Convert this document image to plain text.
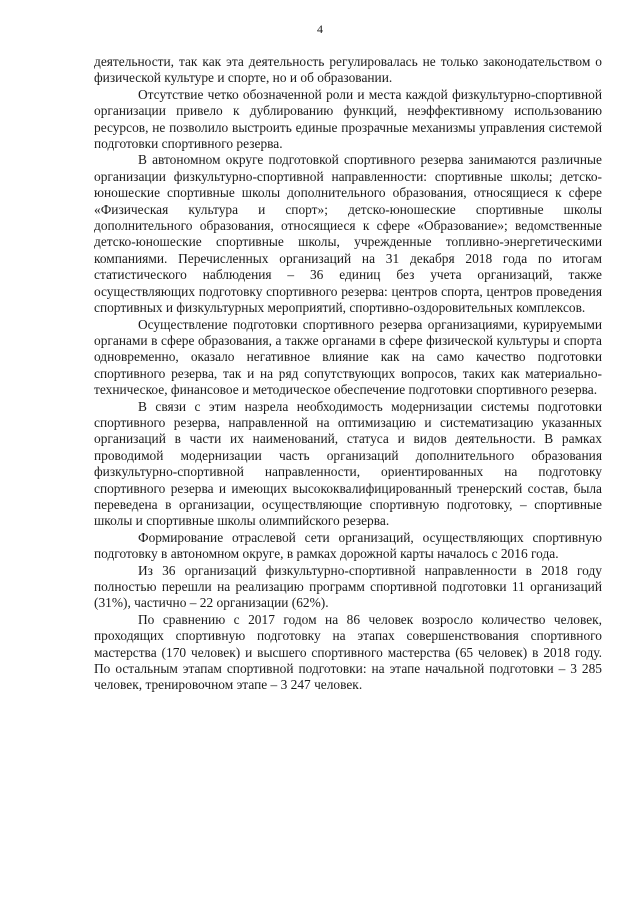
4

деятельности, так как эта деятельность регулировалась не только законодательством о физической культуре и спорте, но и об образовании.

Отсутствие четко обозначенной роли и места каждой физкультурно-спортивной организации привело к дублированию функций, неэффективному использованию ресурсов, не позволило выстроить единые прозрачные механизмы управления системой подготовки спортивного резерва.

В автономном округе подготовкой спортивного резерва занимаются различные организации физкультурно-спортивной направленности: спортивные школы; детско-юношеские спортивные школы дополнительного образования, относящиеся к сфере «Физическая культура и спорт»; детско-юношеские спортивные школы дополнительного образования, относящиеся к сфере «Образование»; ведомственные детско-юношеские спортивные школы, учрежденные топливно-энергетическими компаниями. Перечисленных организаций на 31 декабря 2018 года по итогам статистического наблюдения – 36 единиц без учета организаций, также осуществляющих подготовку спортивного резерва: центров спорта, центров проведения спортивных и физкультурных мероприятий, спортивно-оздоровительных комплексов.

Осуществление подготовки спортивного резерва организациями, курируемыми органами в сфере образования, а также органами в сфере физической культуры и спорта одновременно, оказало негативное влияние как на само качество подготовки спортивного резерва, так и на ряд сопутствующих вопросов, таких как материально-техническое, финансовое и методическое обеспечение подготовки спортивного резерва.

В связи с этим назрела необходимость модернизации системы подготовки спортивного резерва, направленной на оптимизацию и систематизацию указанных организаций в части их наименований, статуса и видов деятельности. В рамках проводимой модернизации часть организаций дополнительного образования физкультурно-спортивной направленности, ориентированных на подготовку спортивного резерва и имеющих высококвалифицированный тренерский состав, была переведена в организации, осуществляющие спортивную подготовку, – спортивные школы и спортивные школы олимпийского резерва.

Формирование отраслевой сети организаций, осуществляющих спортивную подготовку в автономном округе, в рамках дорожной карты началось с 2016 года.

Из 36 организаций физкультурно-спортивной направленности в 2018 году полностью перешли на реализацию программ спортивной подготовки 11 организаций (31%), частично – 22 организации (62%).

По сравнению с 2017 годом на 86 человек возросло количество человек, проходящих спортивную подготовку на этапах совершенствования спортивного мастерства (170 человек) и высшего спортивного мастерства (65 человек) в 2018 году. По остальным этапам спортивной подготовки: на этапе начальной подготовки – 3 285 человек, тренировочном этапе – 3 247 человек.
